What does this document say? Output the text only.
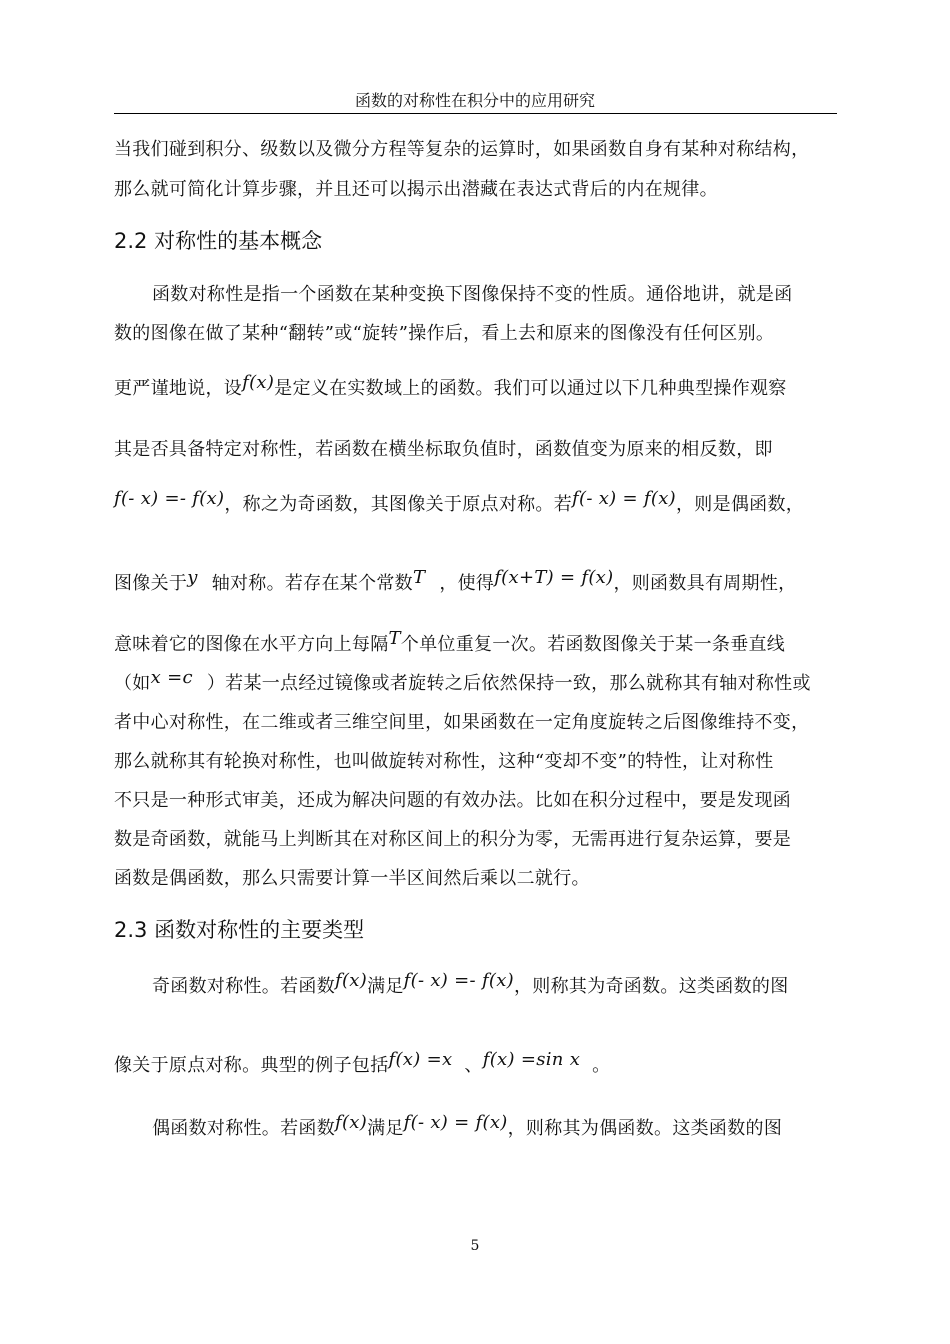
函数的对称性在积分中的应用研究
当我们碰到积分、级数以及微分方程等复杂的运算时，如果函数自身有某种对称结构，
那么就可简化计算步骤，并且还可以揭示出潜藏在表达式背后的内在规律。
2.2 对称性的基本概念
函数对称性是指一个函数在某种变换下图像保持不变的性质。通俗地讲，就是函
数的图像在做了某种“翻转”或“旋转”操作后，看上去和原来的图像没有任何区别。
更严谨地说，设f(x)是定义在实数域上的函数。我们可以通过以下几种典型操作观察
其是否具备特定对称性，若函数在横坐标取负值时，函数值变为原来的相反数，即
f(- x) =- f(x)，称之为奇函数，其图像关于原点对称。若f(- x) = f(x)，则是偶函数，
图像关于y 轴对称。若存在某个常数T ，使得f(x+T) = f(x)，则函数具有周期性，
意味着它的图像在水平方向上每隔T个单位重复一次。若函数图像关于某一条垂直线
（如x =c ）若某一点经过镜像或者旋转之后依然保持一致，那么就称其有轴对称性或
者中心对称性，在二维或者三维空间里，如果函数在一定角度旋转之后图像维持不变，
那么就称其有轮换对称性，也叫做旋转对称性，这种“变却不变”的特性，让对称性
不只是一种形式审美，还成为解决问题的有效办法。比如在积分过程中，要是发现函
数是奇函数，就能马上判断其在对称区间上的积分为零，无需再进行复杂运算，要是
函数是偶函数，那么只需要计算一半区间然后乘以二就行。
2.3 函数对称性的主要类型
奇函数对称性。若函数f(x)满足f(- x) =- f(x)，则称其为奇函数。这类函数的图
像关于原点对称。典型的例子包括f(x) =x 、f(x) =sin x 。
偶函数对称性。若函数f(x)满足f(- x) = f(x)，则称其为偶函数。这类函数的图
5
